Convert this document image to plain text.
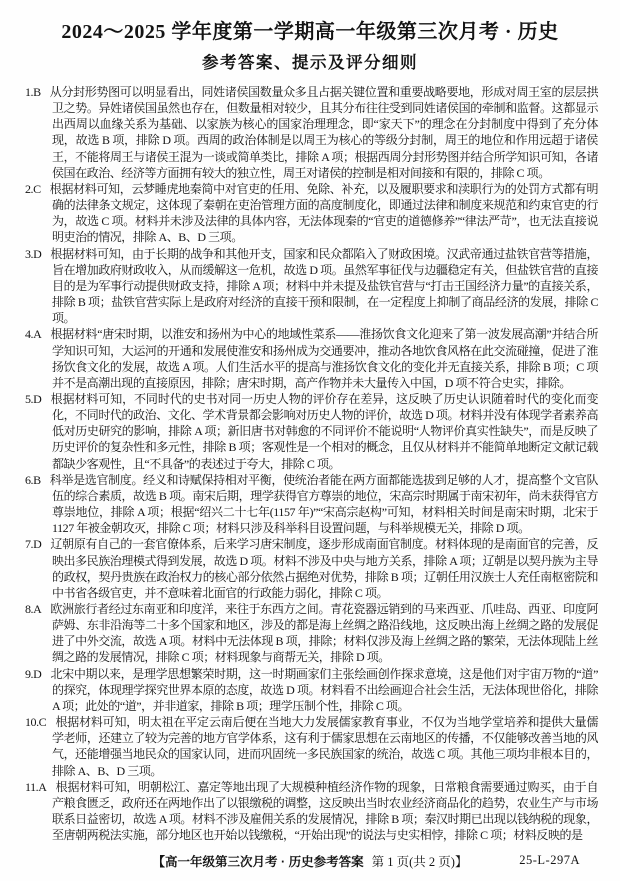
2024～2025 学年度第一学期高一年级第三次月考 · 历史
参考答案、提示及评分细则

1.B 从分封形势图可以明显看出，同姓诸侯国数量众多且占据关键位置和重要战略要地，形成对周王室的层层拱卫之势。异姓诸侯国虽然也存在，但数量相对较少，且其分布往往受到同姓诸侯国的牵制和监督。这都显示出西周以血缘关系为基础、以家族为核心的国家治理理念，即“家天下”的理念在分封制度中得到了充分体现，故选 B 项，排除 D 项。西周的政治体制是以周王为核心的等级分封制，周王的地位和作用远超于诸侯王，不能将周王与诸侯王混为一谈或简单类比，排除 A 项；根据西周分封形势图并结合所学知识可知，各诸侯国在政治、经济等方面拥有较大的独立性，周王对诸侯的控制是相对间接和有限的，排除 C 项。

2.C 根据材料可知，云梦睡虎地秦简中对官吏的任用、免除、补充，以及履职要求和渎职行为的处罚方式都有明确的法律条文规定，这体现了秦朝在吏治管理方面的高度制度化，即通过法律和制度来规范和约束官吏的行为，故选 C 项。材料并未涉及法律的具体内容，无法体现秦的“官吏的道德修养”“律法严苛”，也无法直接说明吏治的情况，排除 A、B、D 三项。

3.D 根据材料可知，由于长期的战争和其他开支，国家和民众都陷入了财政困境。汉武帝通过盐铁官营等措施，旨在增加政府财政收入，从而缓解这一危机，故选 D 项。虽然军事征伐与边疆稳定有关，但盐铁官营的直接目的是为军事行动提供财政支持，排除 A 项；材料中并未提及盐铁官营与“打击王国经济力量”的直接关系，排除 B 项；盐铁官营实际上是政府对经济的直接干预和限制，在一定程度上抑制了商品经济的发展，排除 C 项。

4.A 根据材料“唐宋时期，以淮安和扬州为中心的地域性菜系——淮扬饮食文化迎来了第一波发展高潮”并结合所学知识可知，大运河的开通和发展使淮安和扬州成为交通要冲，推动各地饮食风格在此交流碰撞，促进了淮扬饮食文化的发展，故选 A 项。人们生活水平的提高与淮扬饮食文化的变化并无直接关系，排除 B 项；C 项并不是高潮出现的直接原因，排除；唐宋时期，高产作物并未大量传入中国，D 项不符合史实，排除。

5.D 根据材料可知，不同时代的史书对同一历史人物的评价存在差异，这反映了历史认识随着时代的变化而变化，不同时代的政治、文化、学术背景都会影响对历史人物的评价，故选 D 项。材料并没有体现学者素养高低对历史研究的影响，排除 A 项；新旧唐书对韩愈的不同评价不能说明“人物评价真实性缺失”，而是反映了历史评价的复杂性和多元性，排除 B 项；客观性是一个相对的概念，且仅从材料并不能简单地断定文献记载都缺少客观性，且“不具备”的表述过于夸大，排除 C 项。

6.B 科举是选官制度。经义和诗赋保持相对平衡，使统治者能在两方面都能选拔到足够的人才，提高整个文官队伍的综合素质，故选 B 项。南宋后期，理学获得官方尊崇的地位，宋高宗时期属于南宋初年，尚未获得官方尊崇地位，排除 A 项；根据“绍兴二十七年(1157 年)”“宋高宗赵构”可知，材料相关时间是南宋时期，北宋于 1127 年被金朝攻灭，排除 C 项；材料只涉及科举科目设置问题，与科举规模无关，排除 D 项。

7.D 辽朝原有自己的一套官僚体系，后来学习唐宋制度，逐步形成南面官制度。材料体现的是南面官的完善，反映出多民族治理模式得到发展，故选 D 项。材料不涉及中央与地方关系，排除 A 项；辽朝是以契丹族为主导的政权，契丹贵族在政治权力的核心部分依然占据绝对优势，排除 B 项；辽朝任用汉族士人充任南枢密院和中书省各级官吏，并不意味着北面官的行政能力弱化，排除 C 项。

8.A 欧洲旅行者经过东南亚和印度洋，来往于东西方之间。青花瓷器远销到的马来西亚、爪哇岛、西亚、印度阿萨姆、东非沿海等二十多个国家和地区，涉及的都是海上丝绸之路沿线地，这反映出海上丝绸之路的发展促进了中外交流，故选 A 项。材料中无法体现 B 项，排除；材料仅涉及海上丝绸之路的繁荣，无法体现陆上丝绸之路的发展情况，排除 C 项；材料现象与商帮无关，排除 D 项。

9.D 北宋中期以来，是理学思想繁荣时期，这一时期画家们主张绘画创作探求意境，这是他们对宇宙万物的“道”的探究，体现理学探究世界本原的态度，故选 D 项。材料看不出绘画迎合社会生活，无法体现世俗化，排除 A 项；此处的“道”，并非道家，排除 B 项；理学压制个性，排除 C 项。

10.C 根据材料可知，明太祖在平定云南后便在当地大力发展儒家教育事业，不仅为当地学堂培养和提供大量儒学老师，还建立了较为完善的地方官学体系，这有利于儒家思想在云南地区的传播，不仅能够改善当地的风气，还能增强当地民众的国家认同，进而巩固统一多民族国家的统治，故选 C 项。其他三项均非根本目的，排除 A、B、D 三项。

11.A 根据材料可知，明朝松江、嘉定等地出现了大规模种植经济作物的现象，日常粮食需要通过购买，由于自产粮食匮乏，政府还在两地作出了以银缴税的调整，这反映出当时农业经济商品化的趋势，农业生产与市场联系日益密切，故选 A 项。材料不涉及雇佣关系的发展情况，排除 B 项；秦汉时期已出现以钱纳税的现象，至唐朝两税法实施，部分地区也开始以钱缴税，“开始出现”的说法与史实相悖，排除 C 项；材料反映的是

【高一年级第三次月考 · 历史参考答案 第 1 页(共 2 页)】	25-L-297A
